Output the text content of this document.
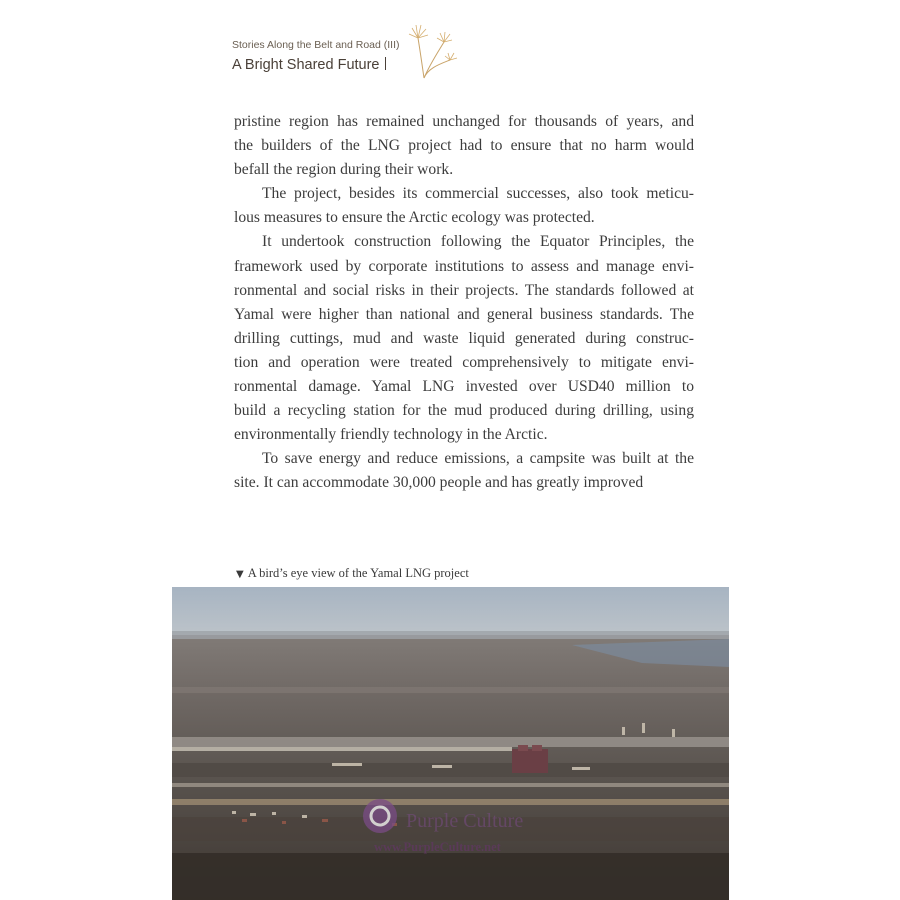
Stories Along the Belt and Road (III)
A Bright Shared Future

pristine region has remained unchanged for thousands of years, and
the builders of the LNG project had to ensure that no harm would
befall the region during their work.

The project, besides its commercial successes, also took meticu-
lous measures to ensure the Arctic ecology was protected.

It undertook construction following the Equator Principles, the
framework used by corporate institutions to assess and manage envi-
ronmental and social risks in their projects. The standards followed at
Yamal were higher than national and general business standards. The
drilling cuttings, mud and waste liquid generated during construc-
tion and operation were treated comprehensively to mitigate envi-
ronmental damage. Yamal LNG invested over USD40 million to
build a recycling station for the mud produced during drilling, using
environmentally friendly technology in the Arctic.

To save energy and reduce emissions, a campsite was built at the
site. It can accommodate 30,000 people and has greatly improved

▼ A bird’s eye view of the Yamal LNG project
Purple Culture
www.PurpleCulture.net
